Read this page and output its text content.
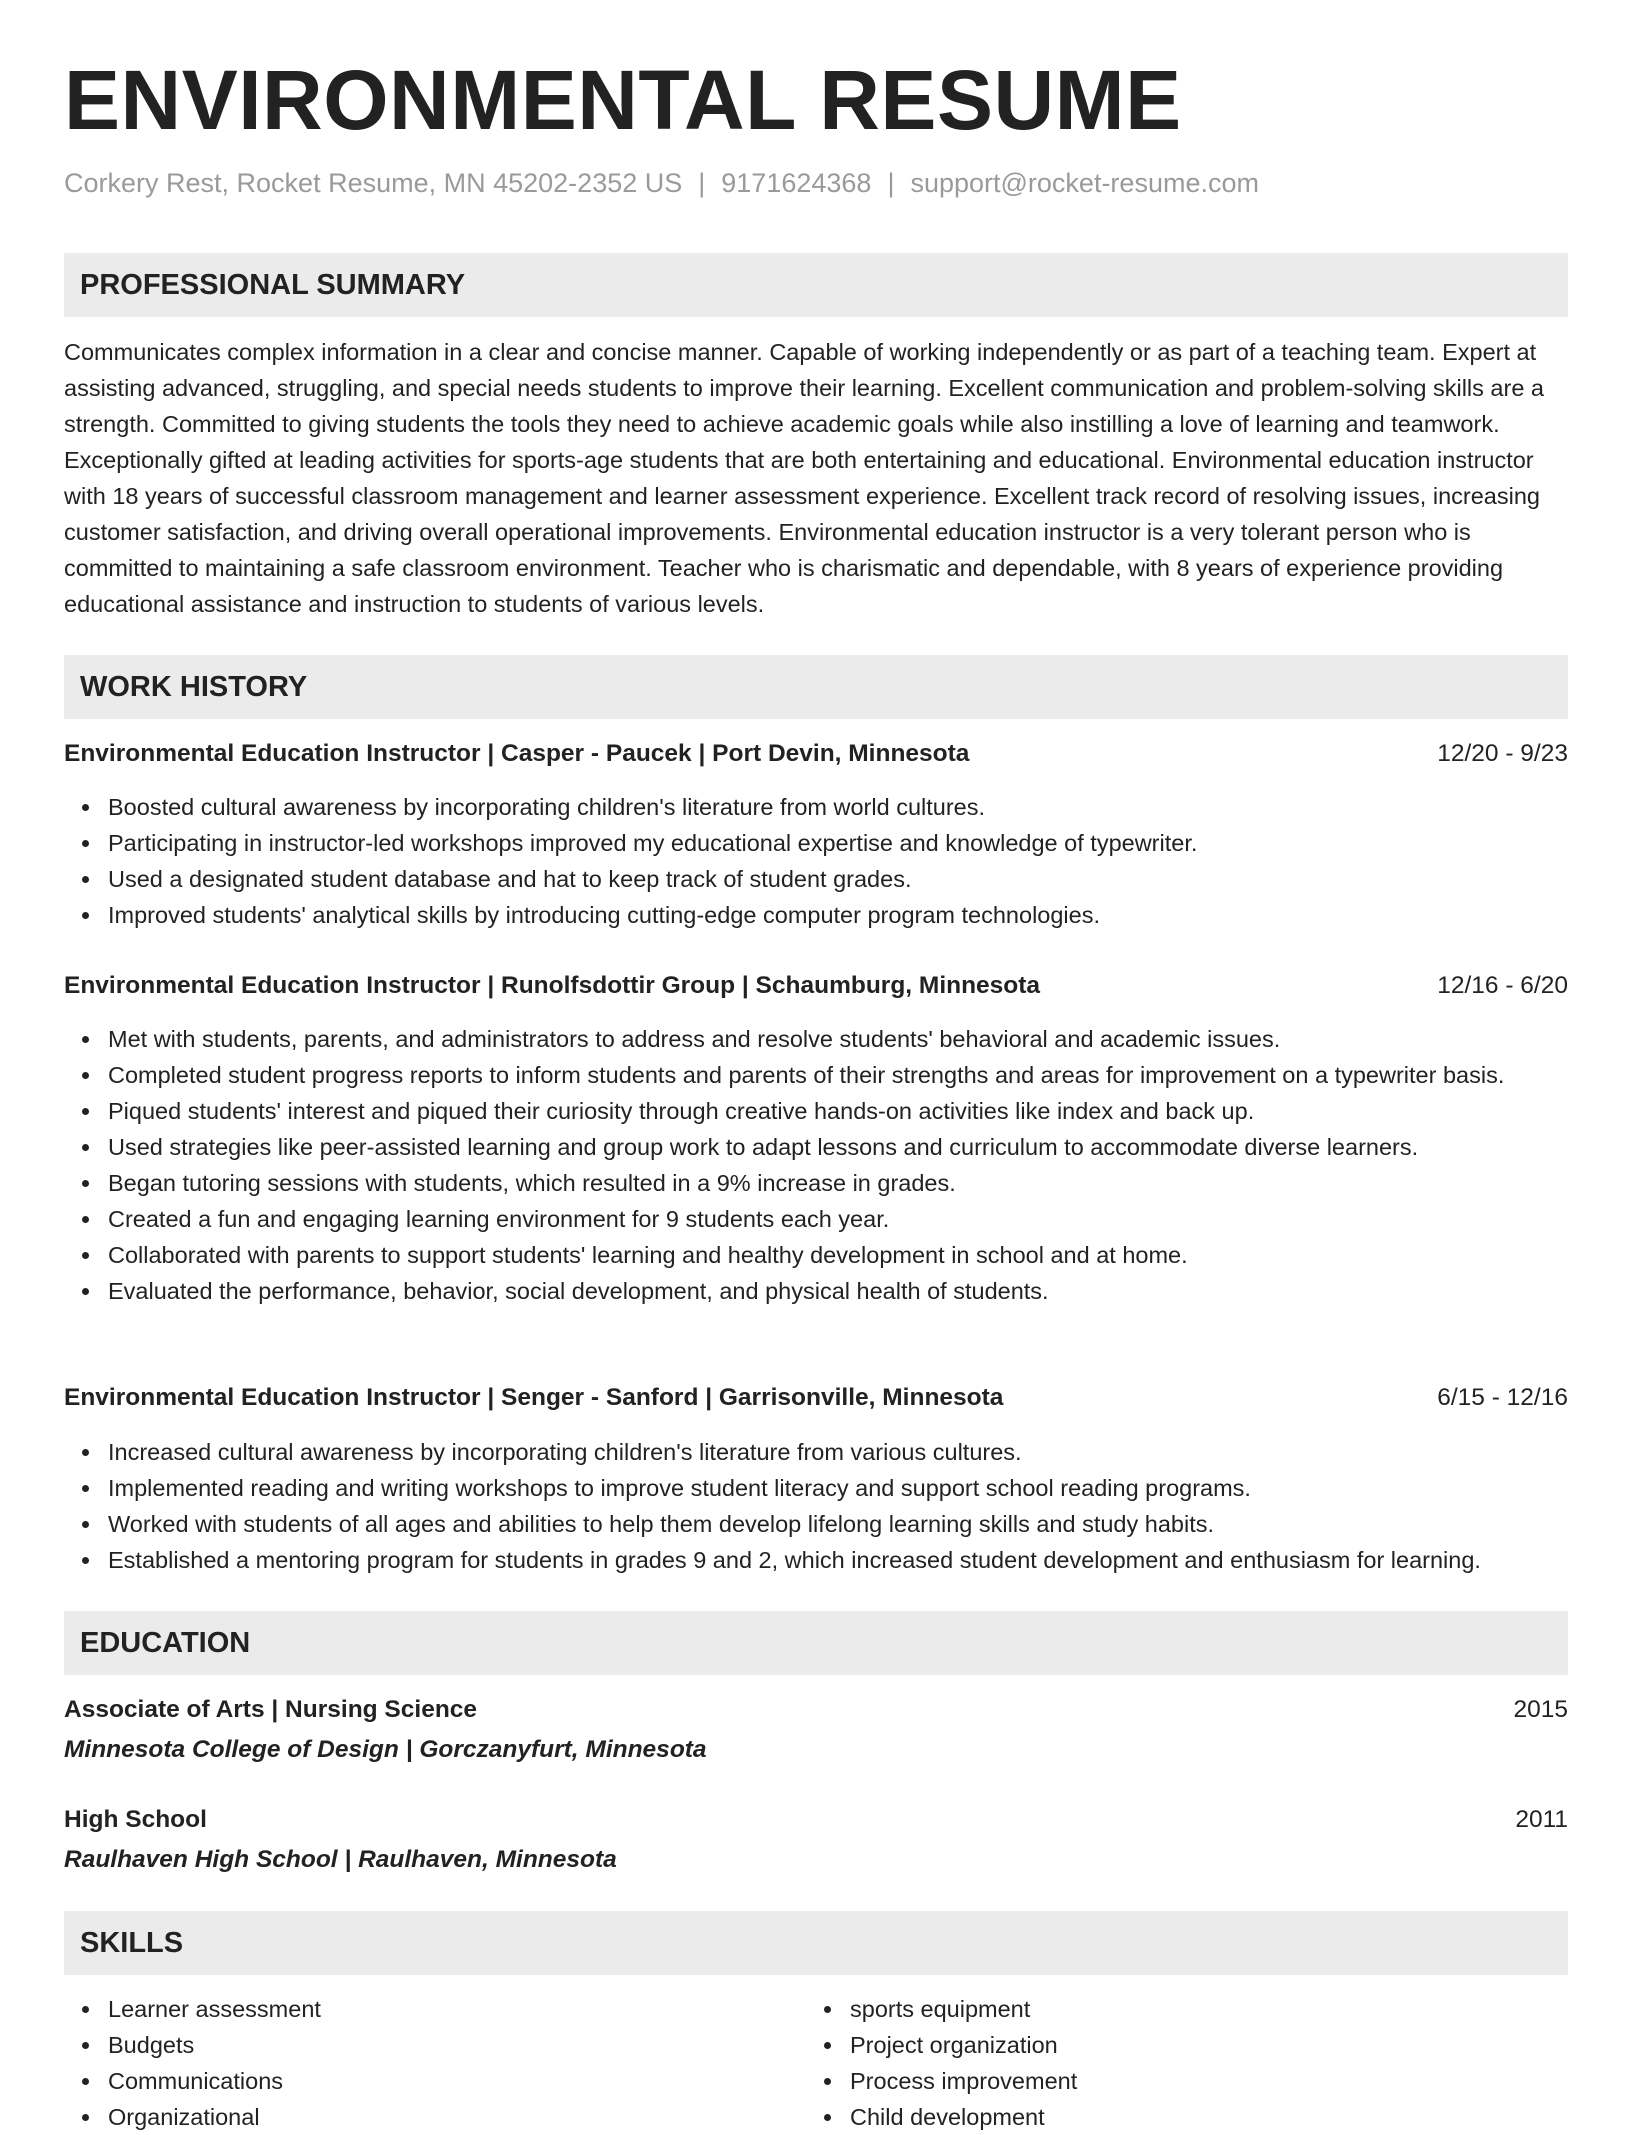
ENVIRONMENTAL RESUME
Corkery Rest, Rocket Resume, MN 45202-2352 US | 9171624368 | support@rocket-resume.com
PROFESSIONAL SUMMARY

Communicates complex information in a clear and concise manner. Capable of working independently or as part of a teaching team. Expert at assisting advanced, struggling, and special needs students to improve their learning. Excellent communication and problem-solving skills are a strength. Committed to giving students the tools they need to achieve academic goals while also instilling a love of learning and teamwork. Exceptionally gifted at leading activities for sports-age students that are both entertaining and educational. Environmental education instructor with 18 years of successful classroom management and learner assessment experience. Excellent track record of resolving issues, increasing customer satisfaction, and driving overall operational improvements. Environmental education instructor is a very tolerant person who is committed to maintaining a safe classroom environment. Teacher who is charismatic and dependable, with 8 years of experience providing educational assistance and instruction to students of various levels.

WORK HISTORY
Environmental Education Instructor | Casper - Paucek | Port Devin, Minnesota	12/20 - 9/23
Boosted cultural awareness by incorporating children's literature from world cultures.
Participating in instructor-led workshops improved my educational expertise and knowledge of typewriter.
Used a designated student database and hat to keep track of student grades.
Improved students' analytical skills by introducing cutting-edge computer program technologies.
Environmental Education Instructor | Runolfsdottir Group | Schaumburg, Minnesota	12/16 - 6/20
Met with students, parents, and administrators to address and resolve students' behavioral and academic issues.
Completed student progress reports to inform students and parents of their strengths and areas for improvement on a typewriter basis.
Piqued students' interest and piqued their curiosity through creative hands-on activities like index and back up.
Used strategies like peer-assisted learning and group work to adapt lessons and curriculum to accommodate diverse learners.
Began tutoring sessions with students, which resulted in a 9% increase in grades.
Created a fun and engaging learning environment for 9 students each year.
Collaborated with parents to support students' learning and healthy development in school and at home.
Evaluated the performance, behavior, social development, and physical health of students.
Environmental Education Instructor | Senger - Sanford | Garrisonville, Minnesota	6/15 - 12/16
Increased cultural awareness by incorporating children's literature from various cultures.
Implemented reading and writing workshops to improve student literacy and support school reading programs.
Worked with students of all ages and abilities to help them develop lifelong learning skills and study habits.
Established a mentoring program for students in grades 9 and 2, which increased student development and enthusiasm for learning.
EDUCATION
Associate of Arts | Nursing Science	2015
Minnesota College of Design | Gorczanyfurt, Minnesota
High School	2011
Raulhaven High School | Raulhaven, Minnesota
SKILLS
Learner assessment
Budgets
Communications
Organizational
sports equipment
Project organization
Process improvement
Child development
